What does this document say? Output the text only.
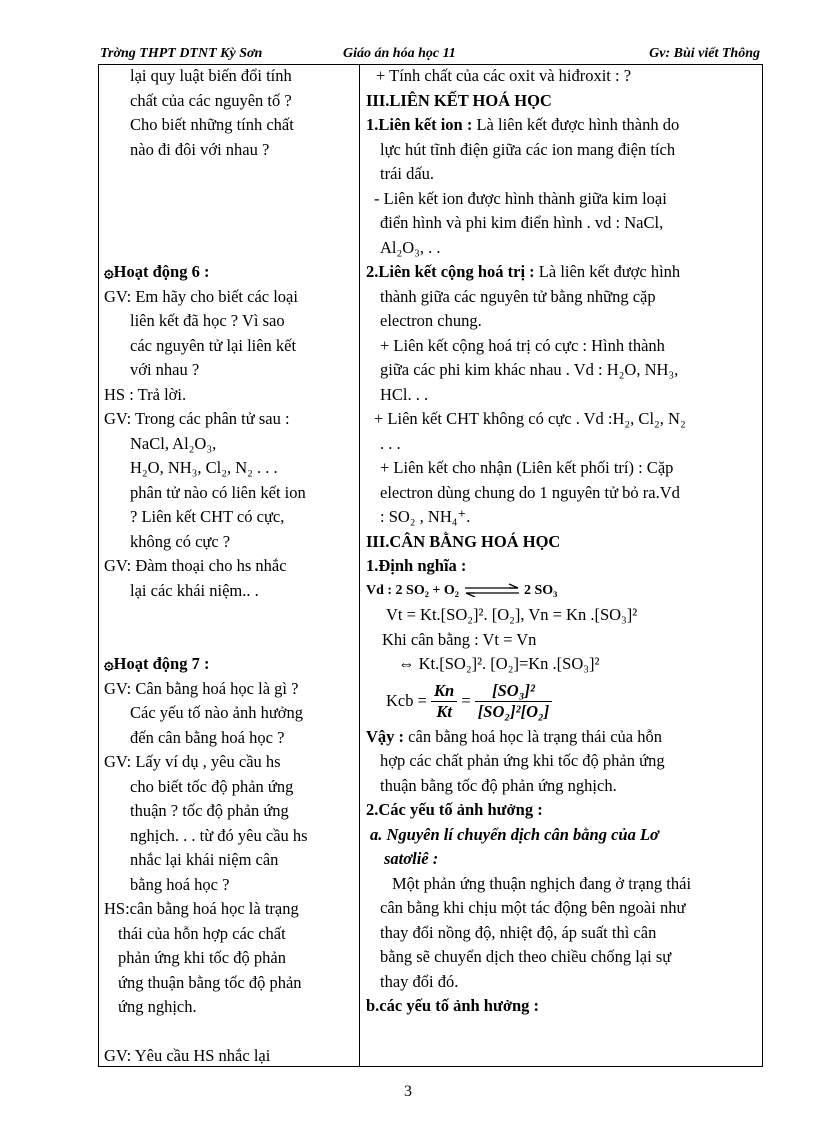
Trờng THPT DTNT Kỳ Sơn	Giáo án hóa học 11	Gv: Bùi viết Thông
lại quy luật biến đổi tính
chất của các nguyên tố ?
Cho biết những tính chất
nào đi đôi với nhau ?
۞Hoạt động 6 :
GV: Em hãy cho biết các loại
liên kết đã học ? Vì sao
các nguyên tử lại liên kết
với nhau ?
HS : Trả lời.
GV: Trong các phân tử sau :
NaCl, Al₂O₃,
H₂O, NH₃, Cl₂, N₂ . . .
phân tử nào có liên kết ion
? Liên kết CHT có cực,
không có cực ?
GV: Đàm thoại cho hs nhắc
lại các khái niệm.. .
۞Hoạt động 7 :
GV: Cân bằng hoá học là gì ?
Các yếu tố nào ảnh hưởng
đến cân bằng hoá học ?
GV: Lấy ví dụ , yêu cầu hs
cho biết tốc độ phản ứng
thuận ? tốc độ phản ứng
nghịch. . . từ đó yêu cầu hs
nhắc lại khái niệm cân
bằng hoá học ?
HS:cân bằng hoá học là trạng
thái của hỗn hợp các chất
phản ứng khi tốc độ phản
ứng thuận bằng tốc độ phản
ứng nghịch.
GV: Yêu cầu HS nhắc lại
+ Tính chất của các oxit và hiđroxit : ?
III.LIÊN KẾT HOÁ HỌC
1.Liên kết ion : Là liên kết được hình thành do
lực hút tĩnh điện giữa các ion mang điện tích
trái dấu.
- Liên kết ion được hình thành giữa kim loại
điển hình và phi kim điển hình . vd : NaCl,
Al₂O₃, . .
2.Liên kết cộng hoá trị : Là liên kết được hình
thành giữa các nguyên tử bằng những cặp
electron chung.
+ Liên kết cộng hoá trị có cực : Hình thành
giữa các phi kim khác nhau . Vd : H₂O, NH₃,
HCl. . .
+ Liên kết CHT không có cực . Vd :H₂, Cl₂, N₂
. . .
+ Liên kết cho nhận (Liên kết phối trí) : Cặp
electron dùng chung do 1 nguyên tử bỏ ra.Vd
: SO₂ , NH₄⁺.
III.CÂN BẰNG HOÁ HỌC
1.Định nghĩa :
Vd : 2 SO₂ + O₂	2 SO₃
Vt = Kt.[SO₂]². [O₂], Vn = Kn .[SO₃]²
Khi cân bằng : Vt = Vn
⇔ Kt.[SO₂]². [O₂]=Kn .[SO₃]²
Kcb = $\frac{Kn}{Kt} = \frac{\text{[SO₃]²}}{\text{[SO₂]²[O₂]}}$
Vậy : cân bằng hoá học là trạng thái của hỗn
hợp các chất phản ứng khi tốc độ phản ứng
thuận bằng tốc độ phản ứng nghịch.
2.Các yếu tố ảnh hưởng :
a. Nguyên lí chuyển dịch cân bằng của Lơ
satơliê :
Một phản ứng thuận nghịch đang ở trạng thái
cân bằng khi chịu một tác động bên ngoài như
thay đổi nồng độ, nhiệt độ, áp suất thì cân
bằng sẽ chuyển dịch theo chiều chống lại sự
thay đổi đó.
b.các yếu tố ảnh hưởng :
3
